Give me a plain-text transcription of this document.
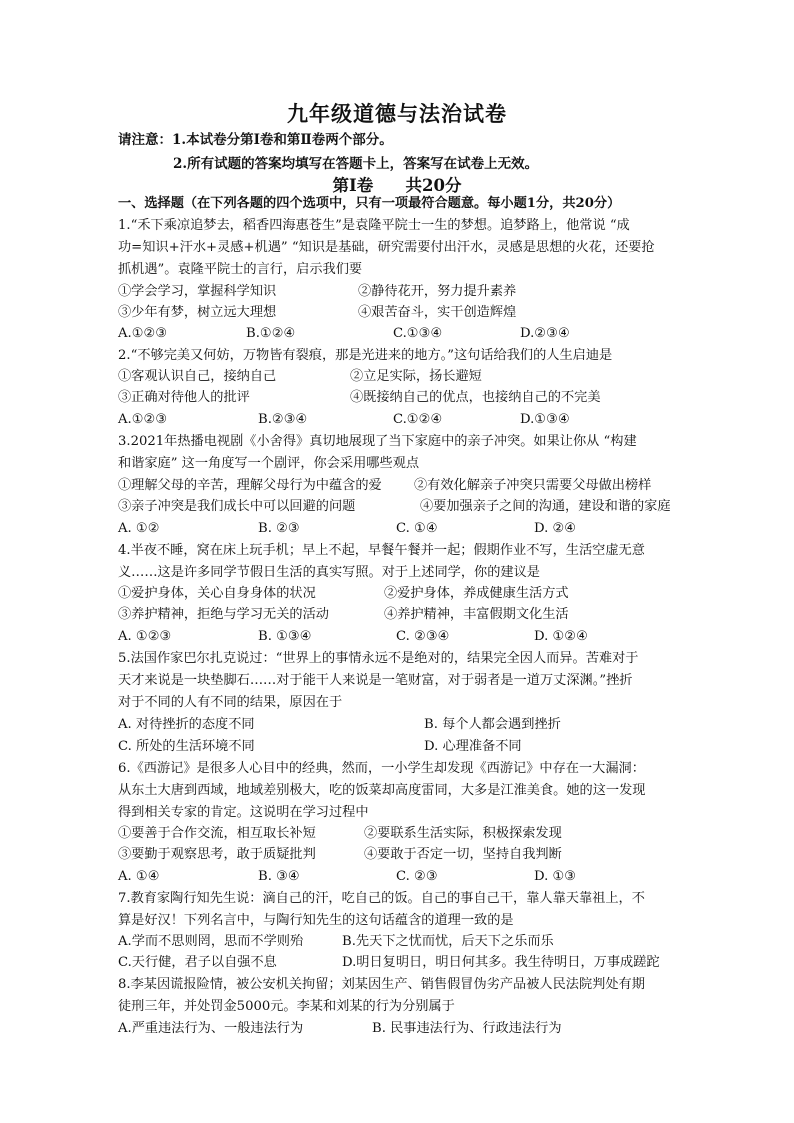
九年级道德与法治试卷
请注意：1.本试卷分第Ⅰ卷和第Ⅱ卷两个部分。
2.所有试题的答案均填写在答题卡上，答案写在试卷上无效。
第Ⅰ卷　 共20分
一、选择题（在下列各题的四个选项中，只有一项最符合题意。每小题1分，共20分）
1.“禾下乘凉追梦去，稻香四海惠苍生”是袁隆平院士一生的梦想。追梦路上，他常说 “成
功=知识+汗水+灵感+机遇” “知识是基础，研究需要付出汗水，灵感是思想的火花，还要抢
抓机遇”。袁隆平院士的言行，启示我们要
①学会学习，掌握科学知识	②静待花开，努力提升素养
③少年有梦，树立远大理想	④艰苦奋斗，实干创造辉煌
A.①②③	B.①②④	C.①③④	D.②③④
2.“不够完美又何妨，万物皆有裂痕，那是光进来的地方。”这句话给我们的人生启迪是
①客观认识自己，接纳自己	②立足实际，扬长避短
③正确对待他人的批评	④既接纳自己的优点，也接纳自己的不完美
A.①②③	B.②③④	C.①②④	D.①③④
3.2021年热播电视剧《小舍得》真切地展现了当下家庭中的亲子冲突。如果让你从 “构建
和谐家庭” 这一角度写一个剧评，你会采用哪些观点
①理解父母的辛苦，理解父母行为中蕴含的爱 ②有效化解亲子冲突只需要父母做出榜样
③亲子冲突是我们成长中可以回避的问题	④要加强亲子之间的沟通，建设和谐的家庭
A. ①②	B. ②③	C. ①④	D. ②④
4.半夜不睡，窝在床上玩手机；早上不起，早餐午餐并一起；假期作业不写，生活空虚无意
义……这是许多同学节假日生活的真实写照。对于上述同学，你的建议是
①爱护身体，关心自身身体的状况	②爱护身体，养成健康生活方式
③养护精神，拒绝与学习无关的活动	④养护精神，丰富假期文化生活
A. ①②③	B. ①③④	C. ②③④	D. ①②④
5.法国作家巴尔扎克说过：“世界上的事情永远不是绝对的，结果完全因人而异。苦难对于
天才来说是一块垫脚石……对于能干人来说是一笔财富，对于弱者是一道万丈深渊。”挫折
对于不同的人有不同的结果，原因在于
A. 对待挫折的态度不同	B. 每个人都会遇到挫折
C. 所处的生活环境不同	D. 心理准备不同
6.《西游记》是很多人心目中的经典，然而，一小学生却发现《西游记》中存在一大漏洞：
从东土大唐到西域，地域差别极大，吃的饭菜却高度雷同，大多是江淮美食。她的这一发现
得到相关专家的肯定。这说明在学习过程中
①要善于合作交流，相互取长补短	②要联系生活实际，积极探索发现
③要勤于观察思考，敢于质疑批判	④要敢于否定一切，坚持自我判断
A. ①④	B. ③④	C. ②③	D. ①③
7.教育家陶行知先生说：滴自己的汗，吃自己的饭。自己的事自己干，靠人靠天靠祖上，不
算是好汉！下列名言中，与陶行知先生的这句话蕴含的道理一致的是
A.学而不思则罔，思而不学则殆	B.先天下之忧而忧，后天下之乐而乐
C.天行健，君子以自强不息	D.明日复明日，明日何其多。我生待明日，万事成蹉跎
8.李某因谎报险情，被公安机关拘留；刘某因生产、销售假冒伪劣产品被人民法院判处有期
徒刑三年，并处罚金5000元。李某和刘某的行为分别属于
A.严重违法行为、一般违法行为	B. 民事违法行为、行政违法行为
